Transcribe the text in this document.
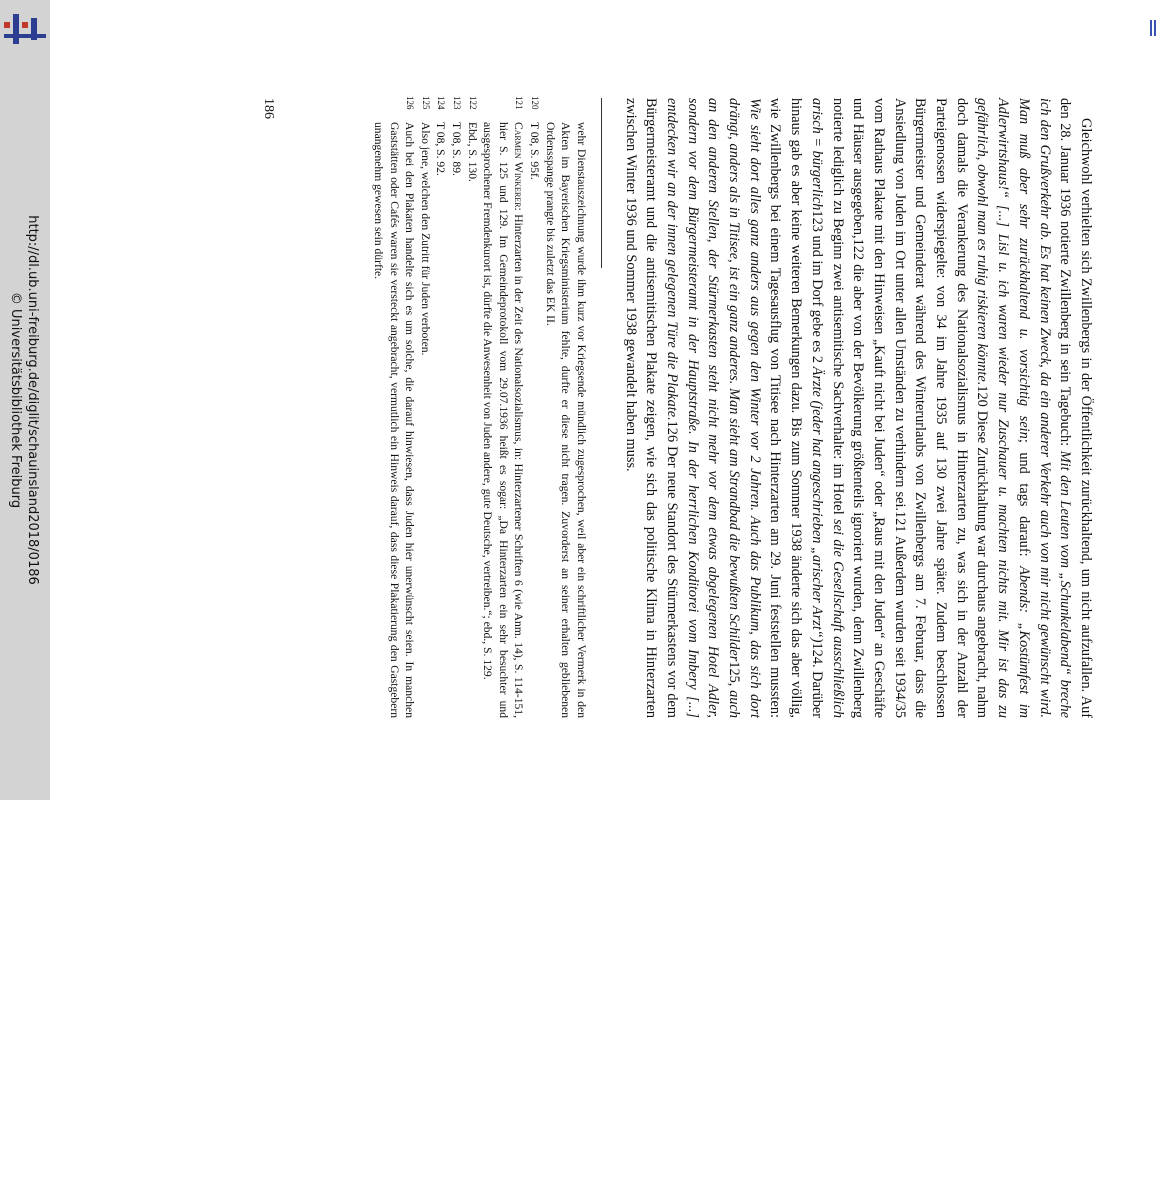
http://dl.ub.uni-freiburg.de/diglit/schauinsland2018/0186
© Universitätsbibliothek Freiburg	Gleichwohl verhielten sich Zwillenbergs in der Öffentlichkeit zurückhaltend, um nicht aufzufallen. Auf den 28. Januar 1936 notierte Zwillenberg in sein Tagebuch: Mit den Leuten vom „Schunkelabend“ breche ich den Grußverkehr ab. Es hat keinen Zweck, da ein anderer Verkehr auch von mir nicht gewünscht wird. Man muß aber sehr zurückhaltend u. vorsichtig sein; und tags darauf: Abends: „Kostümfest im Adlerwirtshaus!“ [...] Lisl u. ich waren wieder nur Zuschauer u. machten nichts mit. Mir ist das zu gefährlich, obwohl man es ruhig riskieren könnte.120 Diese Zurückhaltung war durchaus angebracht, nahm doch damals die Verankerung des Nationalsozialismus in Hinterzarten zu, was sich in der Anzahl der Parteigenossen widerspiegelte: von 34 im Jahre 1935 auf 130 zwei Jahre später. Zudem beschlossen Bürgermeister und Gemeinderat während des Winterurlaubs von Zwillenbergs am 7. Februar, dass die Ansiedlung von Juden im Ort unter allen Umständen zu verhindern sei.121 Außerdem wurden seit 1934/35 vom Rathaus Plakate mit den Hinweisen „Kauft nicht bei Juden“ oder „Raus mit den Juden“ an Geschäfte und Häuser ausgegeben,122 die aber von der Bevölkerung größtenteils ignoriert wurden, denn Zwillenberg notierte lediglich zu Beginn zwei antisemitische Sachverhalte: im Hotel sei die Gesellschaft ausschließlich arisch = bürgerlich123 und im Dorf gebe es 2 Ärzte (jeder hat angeschrieben „arischer Arzt“)124. Darüber hinaus gab es aber keine weiteren Bemerkungen dazu. Bis zum Sommer 1938 änderte sich das aber völlig, wie Zwillenbergs bei einem Tagesausflug von Titisee nach Hinterzarten am 29. Juni feststellen mussten: Wie sieht dort alles ganz anders aus gegen den Winter vor 2 Jahren. Auch das Publikum, das sich dort drängt, anders als in Titisee, ist ein ganz anderes. Man sieht am Strandbad die bewußten Schilder125, auch an den anderen Stellen, der Stürmerkasten steht nicht mehr vor dem etwas abgelegenen Hotel Adler, sondern vor dem Bürgermeisteramt in der Hauptstraße. In der herrlichen Konditorei vom Imbery [...] entdecken wir an der innen gelegenen Türe die Plakate.126 Der neue Standort des Stürmerkastens vor dem Bürgermeisteramt und die antisemitischen Plakate zeigen, wie sich das politische Klima in Hinterzarten zwischen Winter 1936 und Sommer 1938 gewandelt haben muss.

wehr Dienstauszeichnung wurde ihm kurz vor Kriegsende mündlich zugesprochen, weil aber ein schriftlicher Vermerk in den Akten im Bayerischen Kriegsministerium fehlte, durfte er diese nicht tragen. Zuvorderst an seiner erhalten gebliebenen Ordensspange prangte bis zuletzt das EK II.

120
T 08, S. 95f.

121
Carmen Winkerer: Hinterzarten in der Zeit des Nationalsozialismus, in: Hinterzartener Schriften 6 (wie Anm. 14), S. 114-151, hier S. 125 und 129. Im Gemeindeprotokoll vom 29.07.1936 heißt es sogar: „Da Hinterzarten ein sehr besuchter und ausgesprochener Fremdenkurort ist, dürfte die Anwesenheit von Juden andere, gute Deutsche, vertreiben.“; ebd., S. 129.

122
Ebd., S. 130.

123
T 08, S. 89.

124
T 08, S. 92.

125
Also jene, welchen den Zutritt für Juden verboten.

126
Auch bei den Plakaten handelte sich es um solche, die darauf hinwiesen, dass Juden hier unerwünscht seien. In manchen Gaststätten oder Cafés waren sie versteckt angebracht, vermutlich ein Hinweis darauf, dass diese Plakatierung den Gastgebern unangenehm gewesen sein dürfte.

186
